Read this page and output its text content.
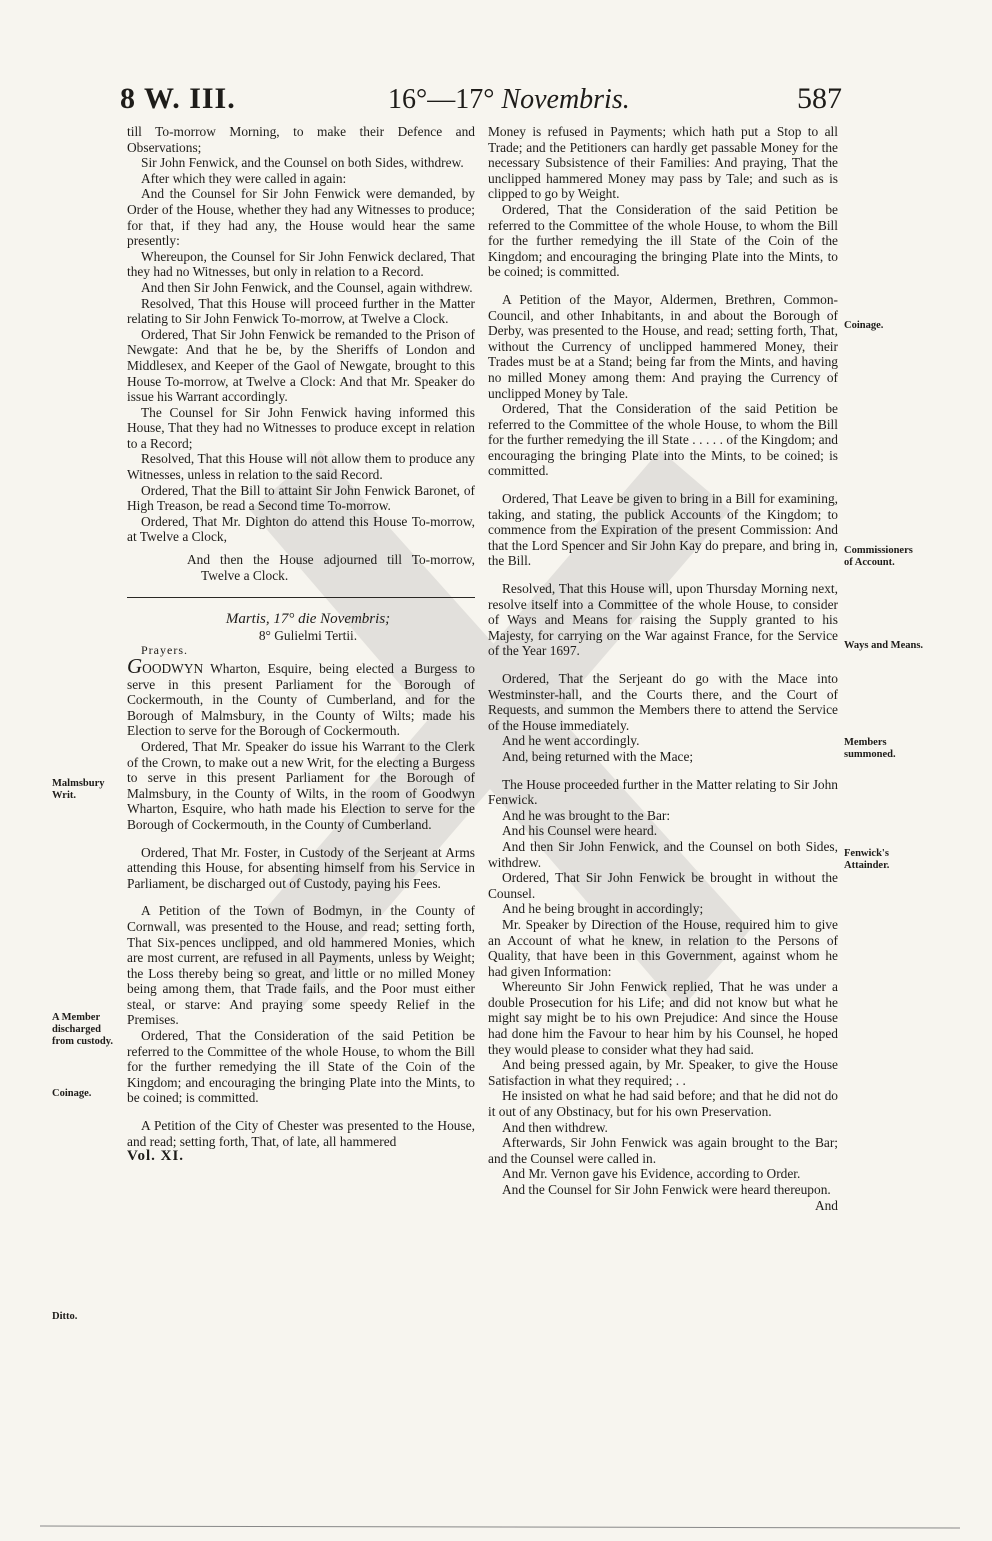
8 W. III.	16°—17° Novembris.	587

till To-morrow Morning, to make their Defence and Observations;

Sir John Fenwick, and the Counsel on both Sides, withdrew.

After which they were called in again:

And the Counsel for Sir John Fenwick were demanded, by Order of the House, whether they had any Witnesses to produce; for that, if they had any, the House would hear the same presently:

Whereupon, the Counsel for Sir John Fenwick declared, That they had no Witnesses, but only in relation to a Record.

And then Sir John Fenwick, and the Counsel, again withdrew.

Resolved, That this House will proceed further in the Matter relating to Sir John Fenwick To-morrow, at Twelve a Clock.

Ordered, That Sir John Fenwick be remanded to the Prison of Newgate: And that he be, by the Sheriffs of London and Middlesex, and Keeper of the Gaol of Newgate, brought to this House To-morrow, at Twelve a Clock: And that Mr. Speaker do issue his Warrant accordingly.

The Counsel for Sir John Fenwick having informed this House, That they had no Witnesses to produce except in relation to a Record;

Resolved, That this House will not allow them to produce any Witnesses, unless in relation to the said Record.

Ordered, That the Bill to attaint Sir John Fenwick Baronet, of High Treason, be read a Second time To-morrow.

Ordered, That Mr. Dighton do attend this House To-morrow, at Twelve a Clock,

And then the House adjourned till To-morrow, Twelve a Clock.

Martis, 17° die Novembris;

8° Gulielmi Tertii.

Prayers.

GOODWYN Wharton, Esquire, being elected a Burgess to serve in this present Parliament for the Borough of Cockermouth, in the County of Cumberland, and for the Borough of Malmsbury, in the County of Wilts; made his Election to serve for the Borough of Cockermouth.

Ordered, That Mr. Speaker do issue his Warrant to the Clerk of the Crown, to make out a new Writ, for the electing a Burgess to serve in this present Parliament for the Borough of Malmsbury, in the County of Wilts, in the room of Goodwyn Wharton, Esquire, who hath made his Election to serve for the Borough of Cockermouth, in the County of Cumberland.

Ordered, That Mr. Foster, in Custody of the Serjeant at Arms attending this House, for absenting himself from his Service in Parliament, be discharged out of Custody, paying his Fees.

A Petition of the Town of Bodmyn, in the County of Cornwall, was presented to the House, and read; setting forth, That Six-pences unclipped, and old hammered Monies, which are most current, are refused in all Payments, unless by Weight; the Loss thereby being so great, and little or no milled Money being among them, that Trade fails, and the Poor must either steal, or starve: And praying some speedy Relief in the Premises.

Ordered, That the Consideration of the said Petition be referred to the Committee of the whole House, to whom the Bill for the further remedying the ill State of the Coin of the Kingdom; and encouraging the bringing Plate into the Mints, to be coined; is committed.

A Petition of the City of Chester was presented to the House, and read; setting forth, That, of late, all hammered

Vol. XI.

Money is refused in Payments; which hath put a Stop to all Trade; and the Petitioners can hardly get passable Money for the necessary Subsistence of their Families: And praying, That the unclipped hammered Money may pass by Tale; and such as is clipped to go by Weight.

Ordered, That the Consideration of the said Petition be referred to the Committee of the whole House, to whom the Bill for the further remedying the ill State of the Coin of the Kingdom; and encouraging the bringing Plate into the Mints, to be coined; is committed.

A Petition of the Mayor, Aldermen, Brethren, Common-Council, and other Inhabitants, in and about the Borough of Derby, was presented to the House, and read; setting forth, That, without the Currency of unclipped hammered Money, their Trades must be at a Stand; being far from the Mints, and having no milled Money among them: And praying the Currency of unclipped Money by Tale.

Ordered, That the Consideration of the said Petition be referred to the Committee of the whole House, to whom the Bill for the further remedying the ill State . . . . . of the Kingdom; and encouraging the bringing Plate into the Mints, to be coined; is committed.

Ordered, That Leave be given to bring in a Bill for examining, taking, and stating, the publick Accounts of the Kingdom; to commence from the Expiration of the present Commission: And that the Lord Spencer and Sir John Kay do prepare, and bring in, the Bill.

Resolved, That this House will, upon Thursday Morning next, resolve itself into a Committee of the whole House, to consider of Ways and Means for raising the Supply granted to his Majesty, for carrying on the War against France, for the Service of the Year 1697.

Ordered, That the Serjeant do go with the Mace into Westminster-hall, and the Courts there, and the Court of Requests, and summon the Members there to attend the Service of the House immediately.

And he went accordingly.

And, being returned with the Mace;

The House proceeded further in the Matter relating to Sir John Fenwick.

And he was brought to the Bar:

And his Counsel were heard.

And then Sir John Fenwick, and the Counsel on both Sides, withdrew.

Ordered, That Sir John Fenwick be brought in without the Counsel.

And he being brought in accordingly;

Mr. Speaker by Direction of the House, required him to give an Account of what he knew, in relation to the Persons of Quality, that have been in this Government, against whom he had given Information:

Whereunto Sir John Fenwick replied, That he was under a double Prosecution for his Life; and did not know but what he might say might be to his own Prejudice: And since the House had done him the Favour to hear him by his Counsel, he hoped they would please to consider what they had said.

And being pressed again, by Mr. Speaker, to give the House Satisfaction in what they required; . .

He insisted on what he had said before; and that he did not do it out of any Obstinacy, but for his own Preservation.

And then withdrew.

Afterwards, Sir John Fenwick was again brought to the Bar; and the Counsel were called in.

And Mr. Vernon gave his Evidence, according to Order.

And the Counsel for Sir John Fenwick were heard thereupon.

And

Malmsbury Writ.
A Member discharged from custody.
Coinage.
Ditto.
Coinage.
Commissioners of Account.
Ways and Means.
Members summoned.
Fenwick's Attainder.
